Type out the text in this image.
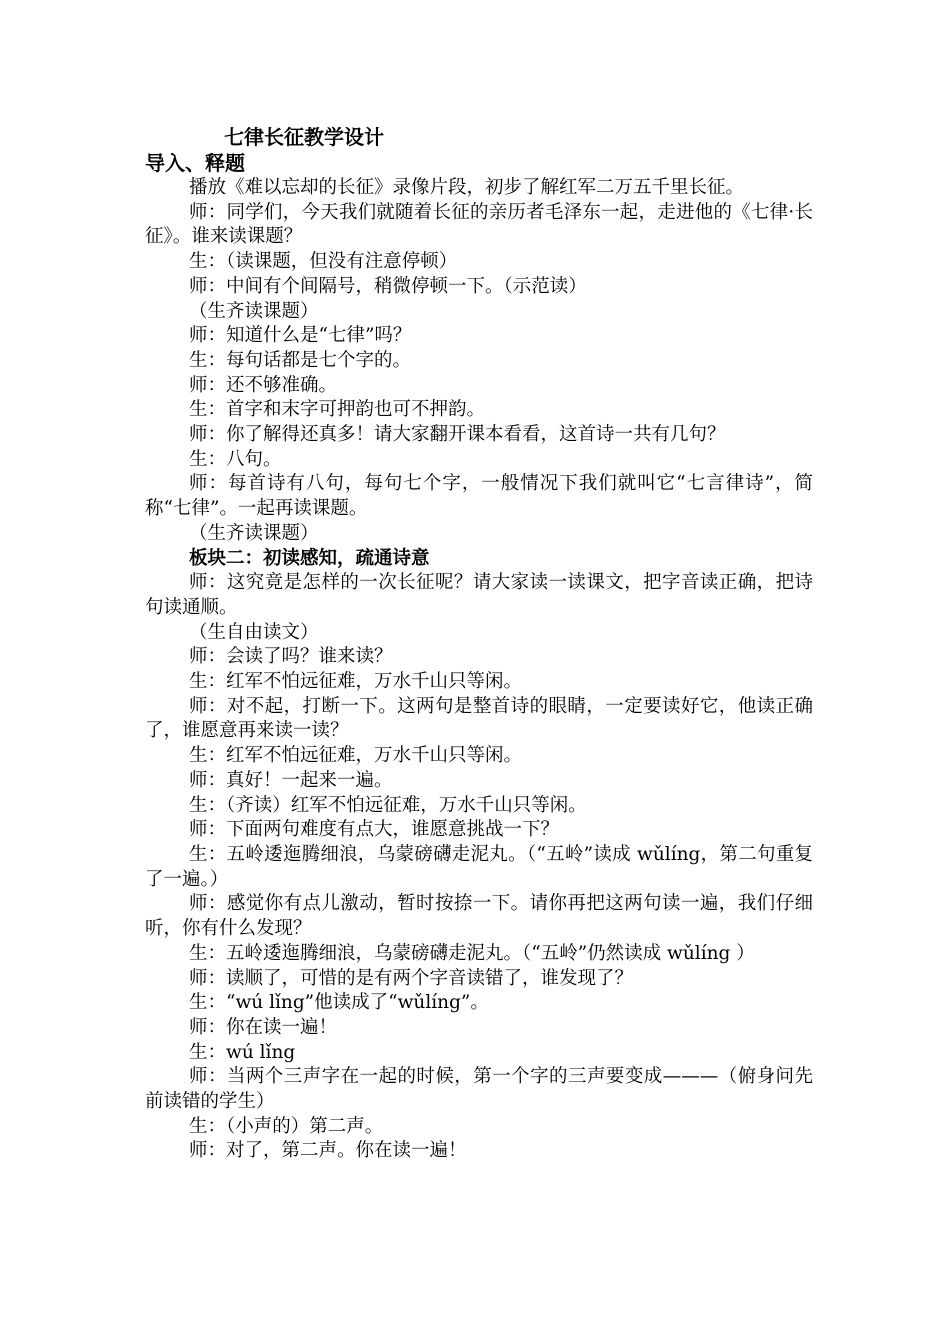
七律长征教学设计
导入、释题

播放《难以忘却的长征》录像片段，初步了解红军二万五千里长征。

师：同学们，今天我们就随着长征的亲历者毛泽东一起，走进他的《七律·长征》。谁来读课题？

生：（读课题，但没有注意停顿）

师：中间有个间隔号，稍微停顿一下。（示范读）

（生齐读课题）

师：知道什么是“七律”吗？

生：每句话都是七个字的。

师：还不够准确。

生：首字和末字可押韵也可不押韵。

师：你了解得还真多！请大家翻开课本看看，这首诗一共有几句？

生：八句。

师：每首诗有八句，每句七个字，一般情况下我们就叫它“七言律诗”，简称“七律”。一起再读课题。

（生齐读课题）

板块二：初读感知，疏通诗意

师：这究竟是怎样的一次长征呢？请大家读一读课文，把字音读正确，把诗句读通顺。

（生自由读文）

师：会读了吗？谁来读？

生：红军不怕远征难，万水千山只等闲。

师：对不起，打断一下。这两句是整首诗的眼睛，一定要读好它，他读正确了，谁愿意再来读一读？

生：红军不怕远征难，万水千山只等闲。

师：真好！一起来一遍。

生：（齐读）红军不怕远征难，万水千山只等闲。

师：下面两句难度有点大，谁愿意挑战一下？

生：五岭逶迤腾细浪，乌蒙磅礴走泥丸。（“五岭”读成 wǔlíng，第二句重复了一遍。）

师：感觉你有点儿激动，暂时按捺一下。请你再把这两句读一遍，我们仔细听，你有什么发现？

生：五岭逶迤腾细浪，乌蒙磅礴走泥丸。（“五岭”仍然读成 wǔlíng ）

师：读顺了，可惜的是有两个字音读错了，谁发现了？

生：“wú lǐng”他读成了“wǔlíng”。

师：你在读一遍！

生：wú lǐng

师：当两个三声字在一起的时候，第一个字的三声要变成———（俯身问先前读错的学生）

生：（小声的）第二声。

师：对了，第二声。你在读一遍！
